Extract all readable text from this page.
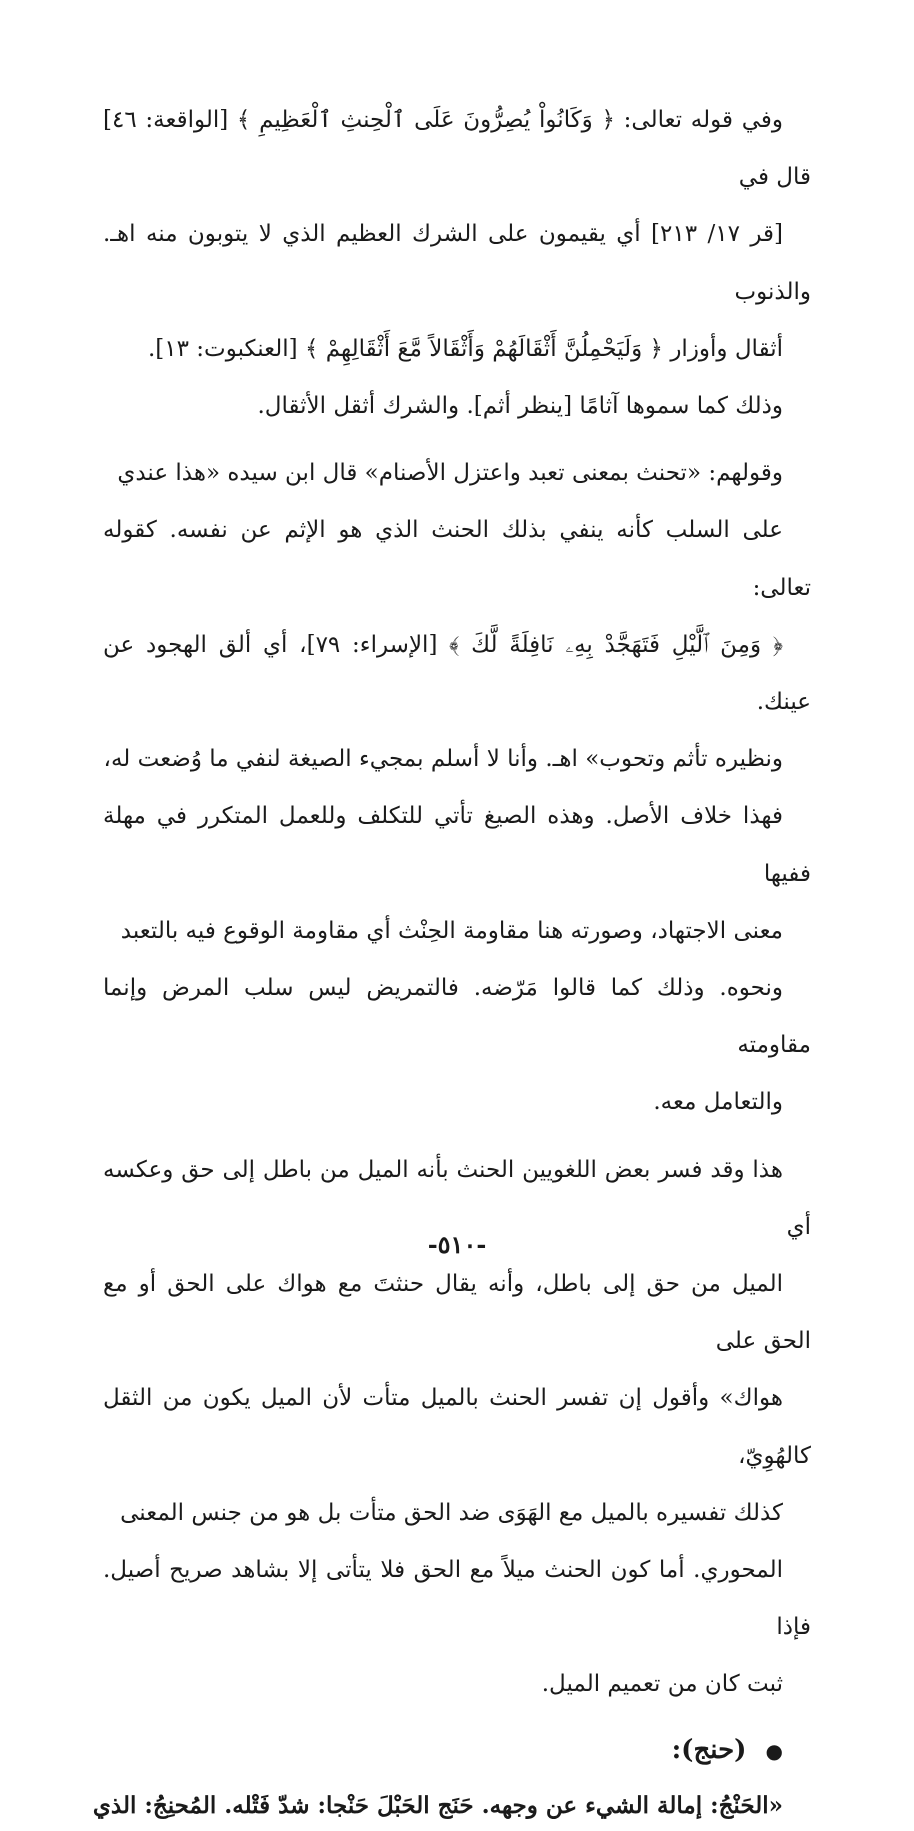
وفي قوله تعالى: ﴿ وَكَانُواْ يُصِرُّونَ عَلَى ٱلْحِنثِ ٱلْعَظِيمِ ﴾ [الواقعة: ٤٦] قال في
[قر ١٧/ ٢١٣] أي يقيمون على الشرك العظيم الذي لا يتوبون منه اهـ. والذنوب
أثقال وأوزار ﴿ وَلَيَحْمِلُنَّ أَثْقَالَهُمْ وَأَثْقَالاً مَّعَ أَثْقَالِهِمْ ﴾ [العنكبوت: ١٣].
وذلك كما سموها آثامًا [ينظر أثم]. والشرك أثقل الأثقال.
وقولهم: «تحنث بمعنى تعبد واعتزل الأصنام» قال ابن سيده «هذا عندي
على السلب كأنه ينفي بذلك الحنث الذي هو الإثم عن نفسه. كقوله تعالى:
﴿ وَمِنَ ٱلَّيْلِ فَتَهَجَّدْ بِهِۦ نَافِلَةً لَّكَ ﴾ [الإسراء: ٧٩]، أي ألق الهجود عن عينك.
ونظيره تأثم وتحوب» اهـ. وأنا لا أسلم بمجيء الصيغة لنفي ما وُضعت له،
فهذا خلاف الأصل. وهذه الصيغ تأتي للتكلف وللعمل المتكرر في مهلة ففيها
معنى الاجتهاد، وصورته هنا مقاومة الحِنْث أي مقاومة الوقوع فيه بالتعبد
ونحوه. وذلك كما قالوا مَرّضه. فالتمريض ليس سلب المرض وإنما مقاومته
والتعامل معه.
هذا وقد فسر بعض اللغويين الحنث بأنه الميل من باطل إلى حق وعكسه أي
الميل من حق إلى باطل، وأنه يقال حنثتَ مع هواك على الحق أو مع الحق على
هواك» وأقول إن تفسر الحنث بالميل متأت لأن الميل يكون من الثقل كالهُوِيّ،
كذلك تفسيره بالميل مع الهَوَى ضد الحق متأت بل هو من جنس المعنى
المحوري. أما كون الحنث ميلاً مع الحق فلا يتأتى إلا بشاهد صريح أصيل. فإذا
ثبت كان من تعميم الميل.
● (حنج):
«الحَنْجُ: إمالة الشيء عن وجهه. حَنَج الحَبْلَ حَنْجا: شدّ فَتْله. المُحنِجُ: الذي
-٥١٠-
